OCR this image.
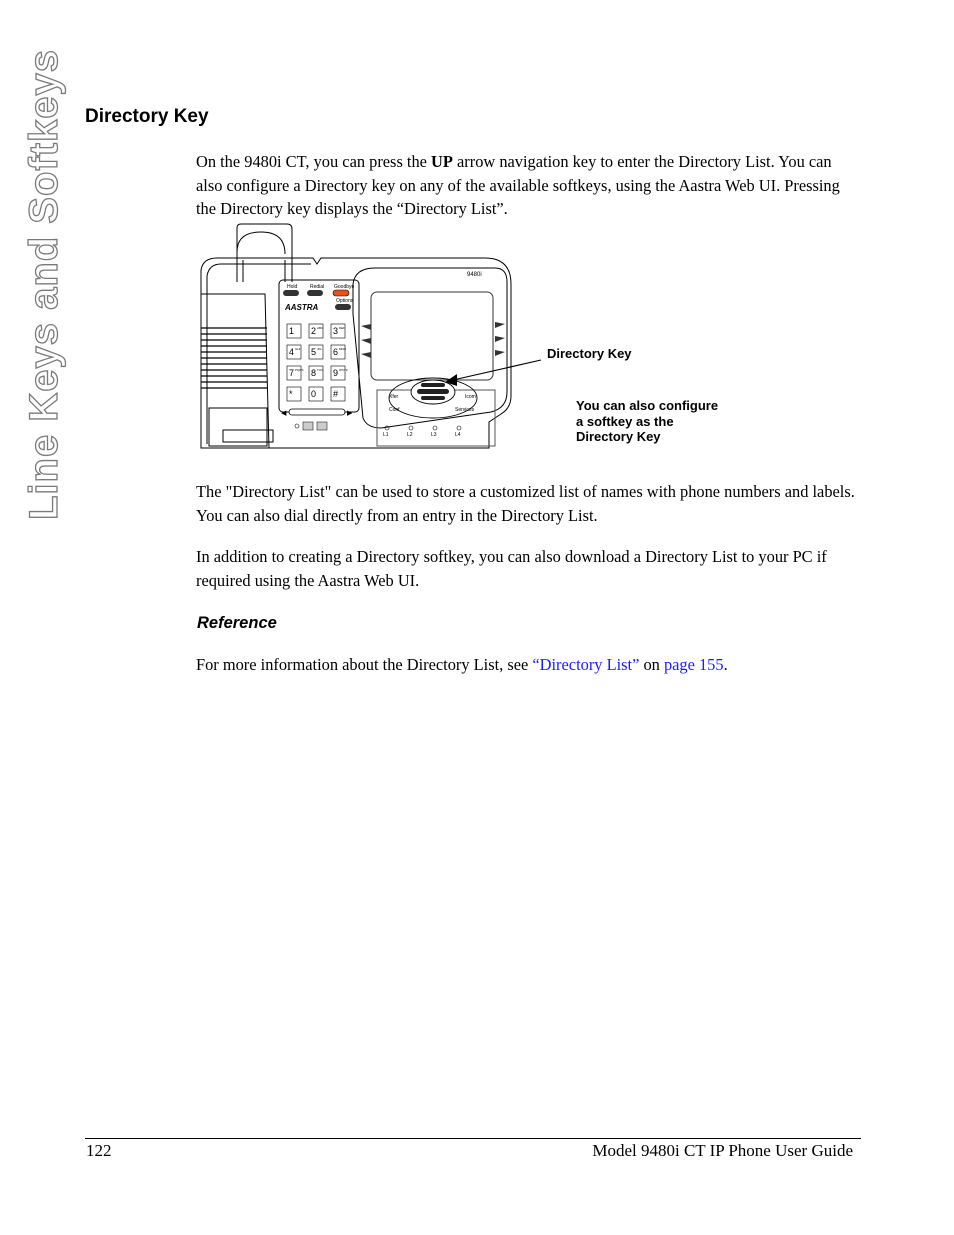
Line Keys and Softkeys Directory Key

On the 9480i CT, you can press the UP arrow navigation key to enter the Directory List. You can also configure a Directory key on any of the available softkeys, using the Aastra Web UI. Pressing the Directory key displays the “Directory List”.

Hold	Redial Goodbye
Options
AASTRA
1 2 ABC 3 DEF
4 GHI 5 JKL 6 MNO
7 PQRS 8 TUV 9 WXYZ
* 0 #
◀	▶
9480i
Xfer	Icom
Conf	Services
L1	L2	L3	L4
Directory Key
You can also configure
a softkey as the
Directory Key

The "Directory List" can be used to store a customized list of names with phone numbers and labels. You can also dial directly from an entry in the Directory List.

In addition to creating a Directory softkey, you can also download a Directory List to your PC if required using the Aastra Web UI.

Reference

For more information about the Directory List, see “Directory List” on page 155.

122	Model 9480i CT IP Phone User Guide
